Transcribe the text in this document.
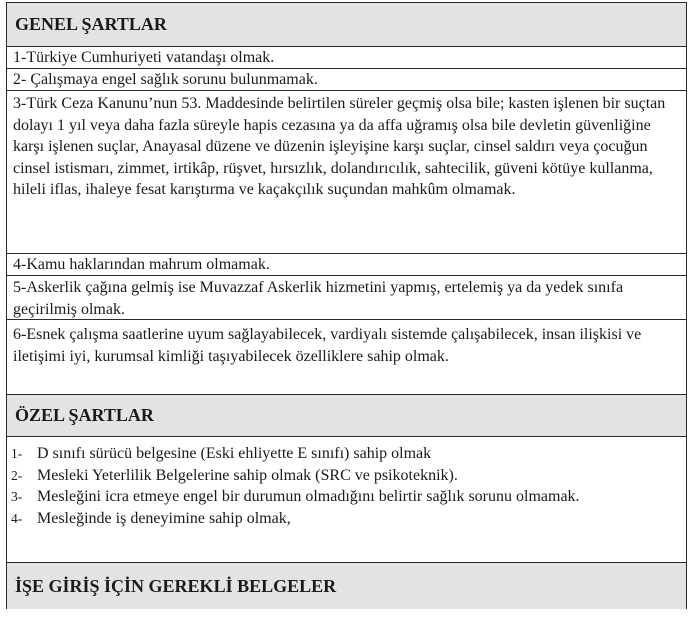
GENEL ŞARTLAR
1-Türkiye Cumhuriyeti vatandaşı olmak.
2- Çalışmaya engel sağlık sorunu bulunmamak.
3-Türk Ceza Kanunu’nun 53. Maddesinde belirtilen süreler geçmiş olsa bile; kasten işlenen bir suçtan dolayı 1 yıl veya daha fazla süreyle hapis cezasına ya da affa uğramış olsa bile devletin güvenliğine karşı işlenen suçlar, Anayasal düzene ve düzenin işleyişine karşı suçlar, cinsel saldırı veya çocuğun cinsel istismarı, zimmet, irtikâp, rüşvet, hırsızlık, dolandırıcılık, sahtecilik, güveni kötüye kullanma, hileli iflas, ihaleye fesat karıştırma ve kaçakçılık suçundan mahkûm olmamak.
4-Kamu haklarından mahrum olmamak.
5-Askerlik çağına gelmiş ise Muvazzaf Askerlik hizmetini yapmış, ertelemiş ya da yedek sınıfa geçirilmiş olmak.
6-Esnek çalışma saatlerine uyum sağlayabilecek, vardiyalı sistemde çalışabilecek, insan ilişkisi ve iletişimi iyi, kurumsal kimliği taşıyabilecek özelliklere sahip olmak.
ÖZEL ŞARTLAR
1- D sınıfı sürücü belgesine (Eski ehliyette E sınıfı) sahip olmak
2- Mesleki Yeterlilik Belgelerine sahip olmak (SRC ve psikoteknik).
3- Mesleğini icra etmeye engel bir durumun olmadığını belirtir sağlık sorunu olmamak.
4- Mesleğinde iş deneyimine sahip olmak,
İŞE GİRİŞ İÇİN GEREKLİ BELGELER
